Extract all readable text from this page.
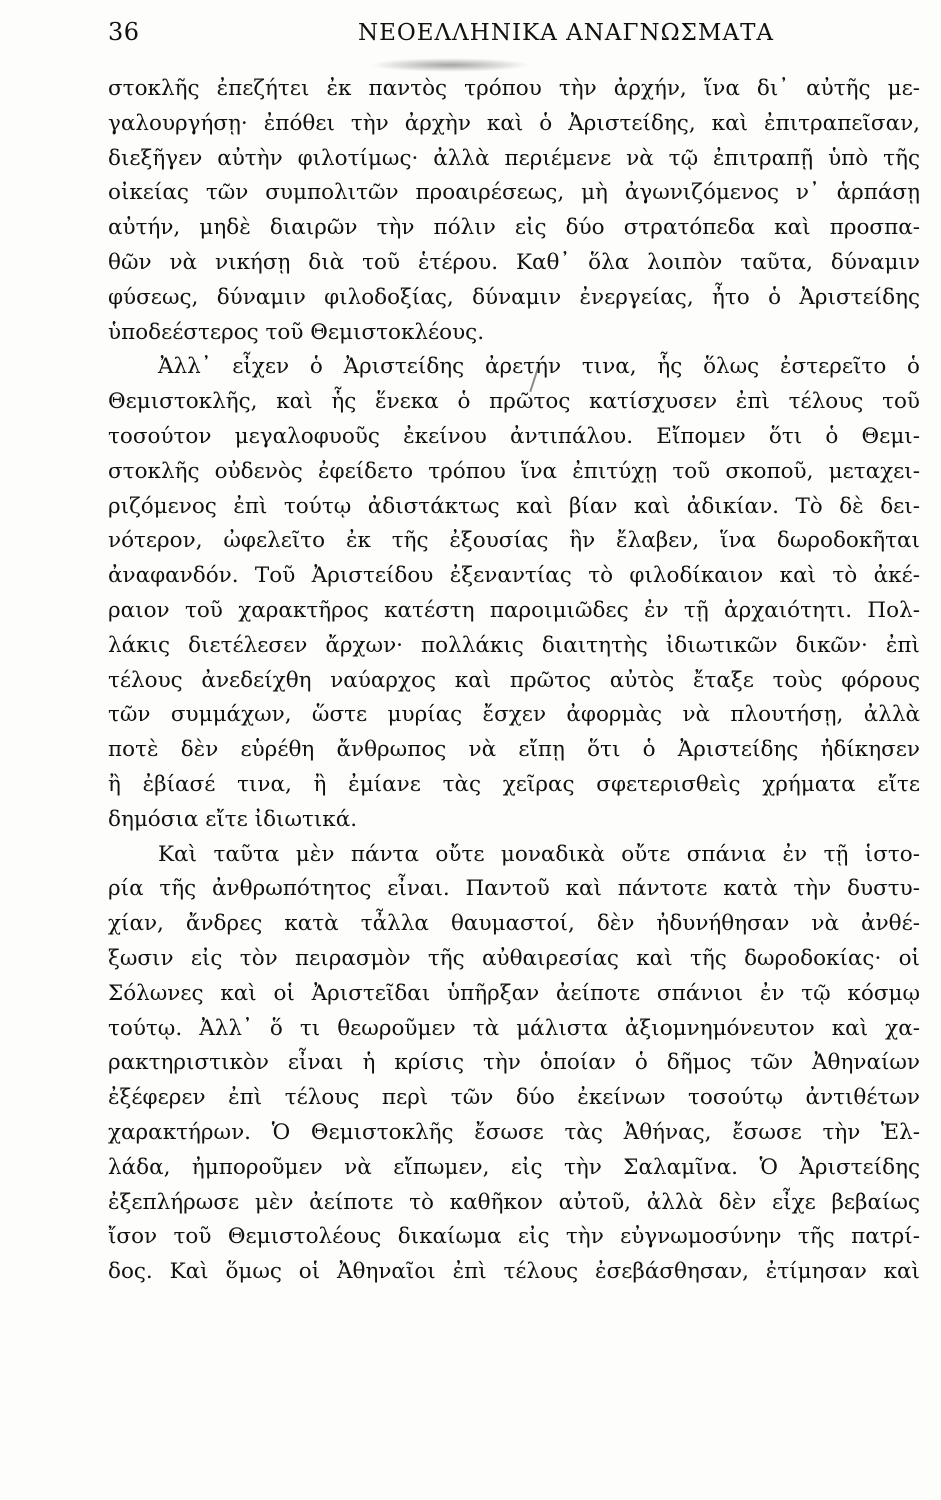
36	ΝΕΟΕΛΛΗΝΙΚΑ ΑΝΑΓΝΩΣΜΑΤΑ
στοκλῆς ἐπεζήτει ἐκ παντὸς τρόπου τὴν ἀρχήν, ἵνα δι᾽ αὐτῆς με-
γαλουργήσῃ· ἐπόθει τὴν ἀρχὴν καὶ ὁ Ἀριστείδης, καὶ ἐπιτραπεῖσαν,
διεξῆγεν αὐτὴν φιλοτίμως· ἀλλὰ περιέμενε νὰ τῷ ἐπιτραπῇ ὑπὸ τῆς
οἰκείας τῶν συμπολιτῶν προαιρέσεως, μὴ ἀγωνιζόμενος ν᾽ ἁρπάσῃ
αὐτήν, μηδὲ διαιρῶν τὴν πόλιν εἰς δύο στρατόπεδα καὶ προσπα-
θῶν νὰ νικήσῃ διὰ τοῦ ἑτέρου. Καθ᾽ ὅλα λοιπὸν ταῦτα, δύναμιν
φύσεως, δύναμιν φιλοδοξίας, δύναμιν ἐνεργείας, ἦτο ὁ Ἀριστείδης
ὑποδεέστερος τοῦ Θεμιστοκλέους.
Ἀλλ᾽ εἶχεν ὁ Ἀριστείδης ἀρετήν τινα, ἧς ὅλως ἐστερεῖτο ὁ
Θεμιστοκλῆς, καὶ ἧς ἕνεκα ὁ πρῶτος κατίσχυσεν ἐπὶ τέλους τοῦ
τοσούτον μεγαλοφυοῦς ἐκείνου ἀντιπάλου. Εἴπομεν ὅτι ὁ Θεμι-
στοκλῆς οὐδενὸς ἐφείδετο τρόπου ἵνα ἐπιτύχῃ τοῦ σκοποῦ, μεταχει-
ριζόμενος ἐπὶ τούτῳ ἀδιστάκτως καὶ βίαν καὶ ἀδικίαν. Τὸ δὲ δει-
νότερον, ὠφελεῖτο ἐκ τῆς ἐξουσίας ἣν ἔλαβεν, ἵνα δωροδοκῆται
ἀναφανδόν. Τοῦ Ἀριστείδου ἐξεναντίας τὸ φιλοδίκαιον καὶ τὸ ἀκέ-
ραιον τοῦ χαρακτῆρος κατέστη παροιμιῶδες ἐν τῇ ἀρχαιότητι. Πολ-
λάκις διετέλεσεν ἄρχων· πολλάκις διαιτητὴς ἰδιωτικῶν δικῶν· ἐπὶ
τέλους ἀνεδείχθη ναύαρχος καὶ πρῶτος αὐτὸς ἔταξε τοὺς φόρους
τῶν συμμάχων, ὥστε μυρίας ἔσχεν ἀφορμὰς νὰ πλουτήσῃ, ἀλλὰ
ποτὲ δὲν εὑρέθη ἄνθρωπος νὰ εἴπῃ ὅτι ὁ Ἀριστείδης ἠδίκησεν
ἢ ἐβίασέ τινα, ἢ ἐμίανε τὰς χεῖρας σφετερισθεὶς χρήματα εἴτε
δημόσια εἴτε ἰδιωτικά.
Καὶ ταῦτα μὲν πάντα οὔτε μοναδικὰ οὔτε σπάνια ἐν τῇ ἱστο-
ρία τῆς ἀνθρωπότητος εἶναι. Παντοῦ καὶ πάντοτε κατὰ τὴν δυστυ-
χίαν, ἄνδρες κατὰ τἆλλα θαυμαστοί, δὲν ἠδυνήθησαν νὰ ἀνθέ-
ξωσιν εἰς τὸν πειρασμὸν τῆς αὐθαιρεσίας καὶ τῆς δωροδοκίας· οἱ
Σόλωνες καὶ οἱ Ἀριστεῖδαι ὑπῆρξαν ἀείποτε σπάνιοι ἐν τῷ κόσμῳ
τούτῳ. Ἀλλ᾽ ὅ τι θεωροῦμεν τὰ μάλιστα ἀξιομνημόνευτον καὶ χα-
ρακτηριστικὸν εἶναι ἡ κρίσις τὴν ὁποίαν ὁ δῆμος τῶν Ἀθηναίων
ἐξέφερεν ἐπὶ τέλους περὶ τῶν δύο ἐκείνων τοσούτῳ ἀντιθέτων
χαρακτήρων. Ὁ Θεμιστοκλῆς ἔσωσε τὰς Ἀθήνας, ἔσωσε τὴν Ἑλ-
λάδα, ἠμποροῦμεν νὰ εἴπωμεν, εἰς τὴν Σαλαμῖνα. Ὁ Ἀριστείδης
ἐξεπλήρωσε μὲν ἀείποτε τὸ καθῆκον αὐτοῦ, ἀλλὰ δὲν εἶχε βεβαίως
ἴσον τοῦ Θεμιστολέους δικαίωμα εἰς τὴν εὐγνωμοσύνην τῆς πατρί-
δος. Καὶ ὅμως οἱ Ἀθηναῖοι ἐπὶ τέλους ἐσεβάσθησαν, ἐτίμησαν καὶ
